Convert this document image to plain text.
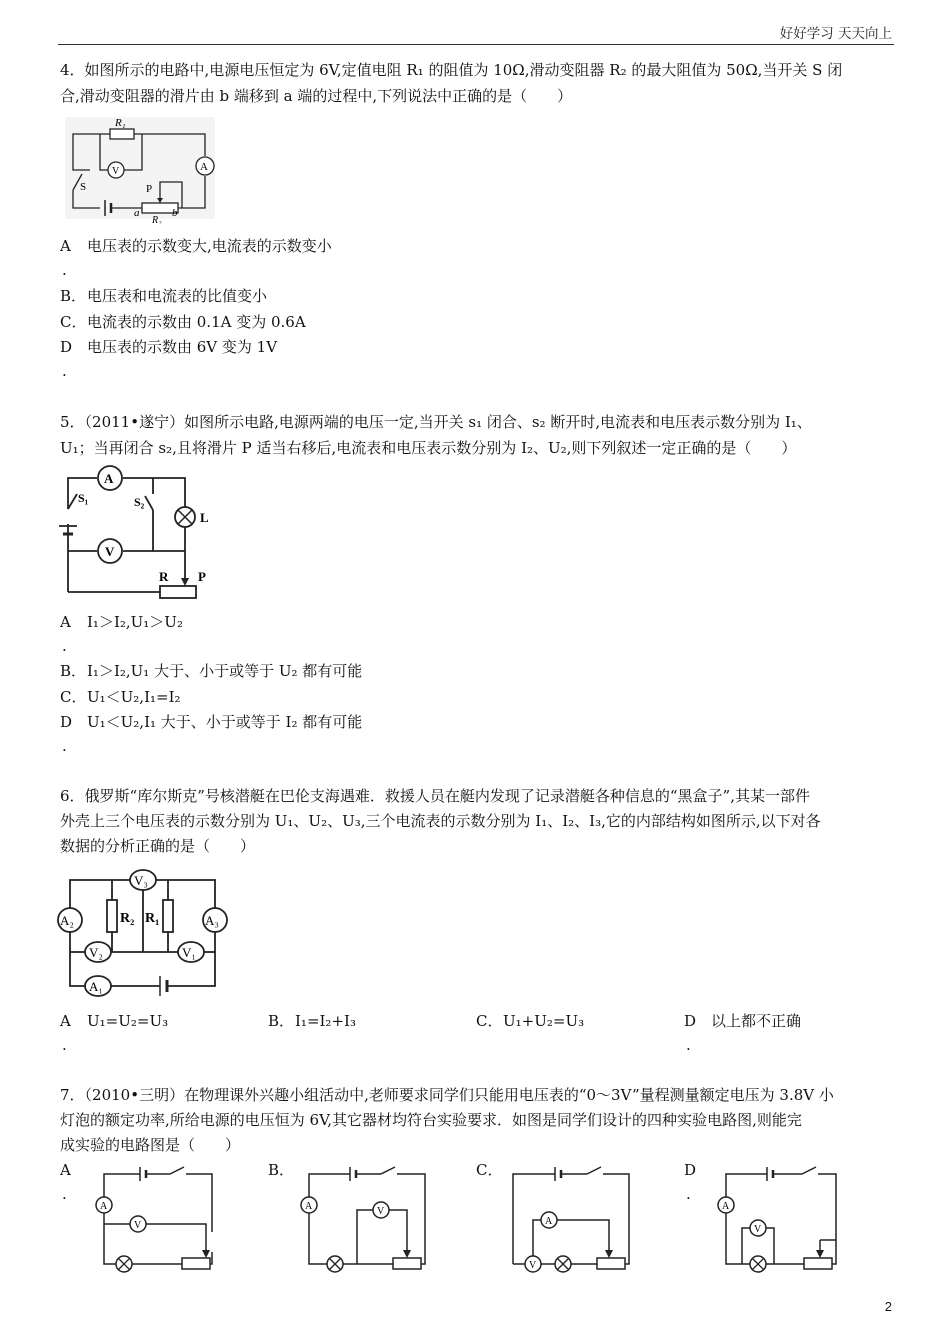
好好学习 天天向上
4．如图所示的电路中,电源电压恒定为 6V,定值电阻 R₁ 的阻值为 10Ω,滑动变阻器 R₂ 的最大阻值为 50Ω,当开关 S 闭
合,滑动变阻器的滑片由 b 端移到 a 端的过程中,下列说法中正确的是（　　）
R₁
V	A
S	P
a
R₂
b
A 电压表的示数变大,电流表的示数变小
.
B．电压表和电流表的比值变小
C．电流表的示数由 0.1A 变为 0.6A
D 电压表的示数由 6V 变为 1V
.
5．（2011•遂宁）如图所示电路,电源两端的电压一定,当开关 s₁ 闭合、s₂ 断开时,电流表和电压表示数分别为 I₁、
U₁；当再闭合 s₂,且将滑片 P 适当右移后,电流表和电压表示数分别为 I₂、U₂,则下列叙述一定正确的是（　　）
A
V
S₁	S₂
L
R P
A I₁＞I₂,U₁＞U₂
.
B．I₁＞I₂,U₁ 大于、小于或等于 U₂ 都有可能
C．U₁＜U₂,I₁=I₂
D U₁＜U₂,I₁ 大于、小于或等于 I₂ 都有可能
.
6．俄罗斯“库尔斯克”号核潜艇在巴伦支海遇难．救援人员在艇内发现了记录潜艇各种信息的“黑盒子”,其某一部件
外壳上三个电压表的示数分别为 U₁、U₂、U₃,三个电流表的示数分别为 I₁、I₂、I₃,它的内部结构如图所示,以下对各
数据的分析正确的是（　　）
V₃
A₂	A₃
R₂ R₁
V₂	V₁
A₁
A U₁=U₂=U₃	B．I₁=I₂+I₃	C．U₁+U₂=U₃	D 以上都不正确
.	.
7．（2010•三明）在物理课外兴趣小组活动中,老师要求同学们只能用电压表的“0～3V”量程测量额定电压为 3.8V 小
灯泡的额定功率,所给电源的电压恒为 6V,其它器材均符台实验要求．如图是同学们设计的四种实验电路图,则能完
成实验的电路图是（　　）
A
.
B．	C．	D
.
A
V
A	V
A
V
A
V
2
